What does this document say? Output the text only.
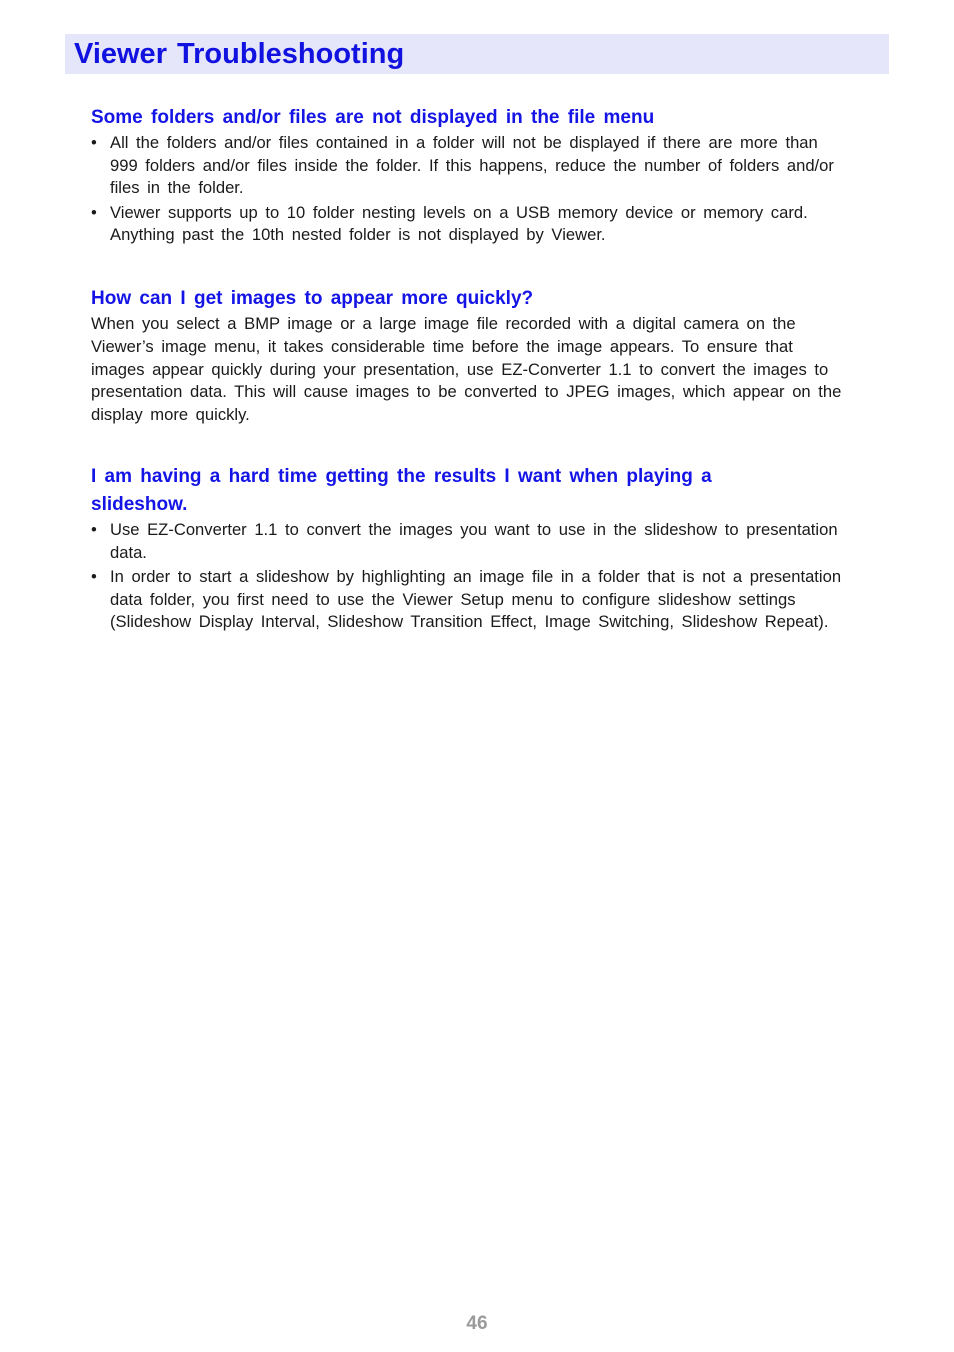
Viewer Troubleshooting
Some folders and/or files are not displayed in the file menu
• All the folders and/or files contained in a folder will not be displayed if there are more than 999 folders and/or files inside the folder. If this happens, reduce the number of folders and/or files in the folder.
• Viewer supports up to 10 folder nesting levels on a USB memory device or memory card. Anything past the 10th nested folder is not displayed by Viewer.
How can I get images to appear more quickly?

When you select a BMP image or a large image file recorded with a digital camera on the Viewer’s image menu, it takes considerable time before the image appears. To ensure that images appear quickly during your presentation, use EZ-Converter 1.1 to convert the images to presentation data. This will cause images to be converted to JPEG images, which appear on the display more quickly.

I am having a hard time getting the results I want when playing a slideshow.
• Use EZ-Converter 1.1 to convert the images you want to use in the slideshow to presentation data.
• In order to start a slideshow by highlighting an image file in a folder that is not a presentation data folder, you first need to use the Viewer Setup menu to configure slideshow settings (Slideshow Display Interval, Slideshow Transition Effect, Image Switching, Slideshow Repeat).
46
